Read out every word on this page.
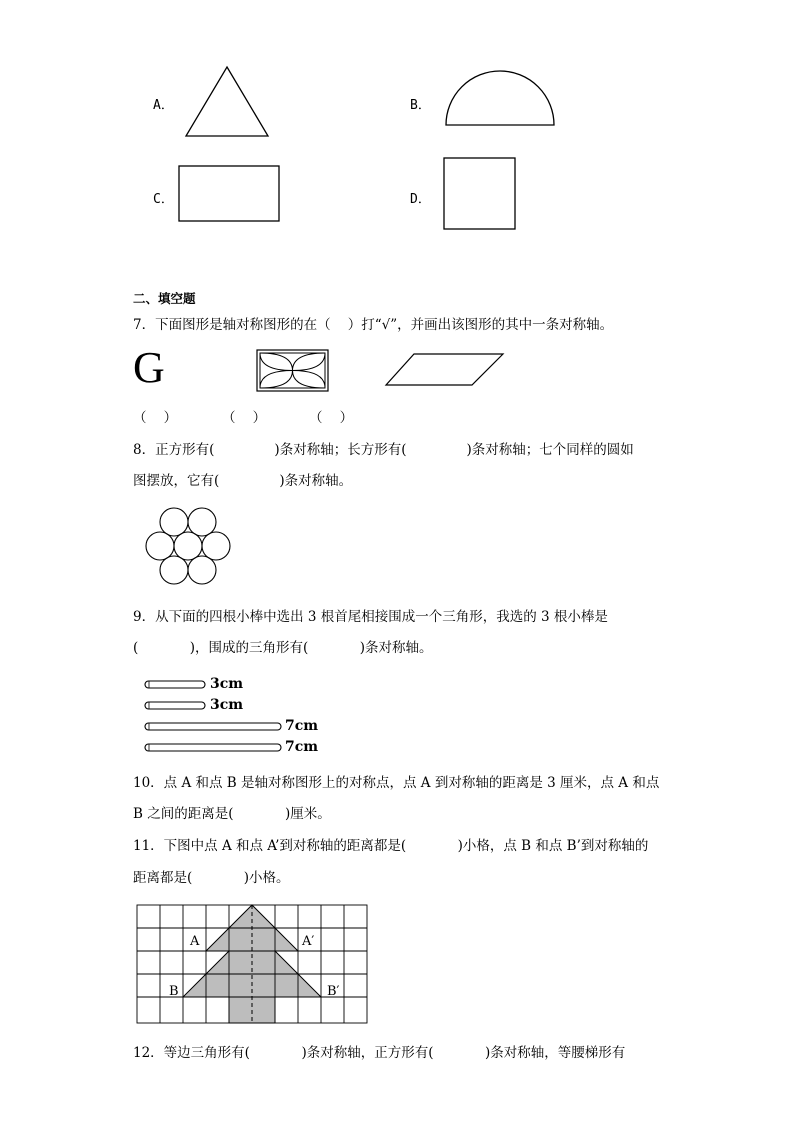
A．	B．
C．	D．
二、填空题
7．下面图形是轴对称图形的在（    ）打“√”，并画出该图形的其中一条对称轴。
G
（    ）	（    ）	（    ）
8．正方形有(              )条对称轴；长方形有(              )条对称轴；七个同样的圆如
图摆放，它有(              )条对称轴。
9．从下面的四根小棒中选出 3 根首尾相接围成一个三角形，我选的 3 根小棒是
(            )，围成的三角形有(            )条对称轴。
3cm
3cm
7cm
7cm
10．点 A 和点 B 是轴对称图形上的对称点，点 A 到对称轴的距离是 3 厘米，点 A 和点
B 之间的距离是(            )厘米。
11．下图中点 A 和点 A’到对称轴的距离都是(            )小格，点 B 和点 B’到对称轴的
距离都是(            )小格。
A	A′
B	B′
12．等边三角形有(            )条对称轴，正方形有(            )条对称轴，等腰梯形有
